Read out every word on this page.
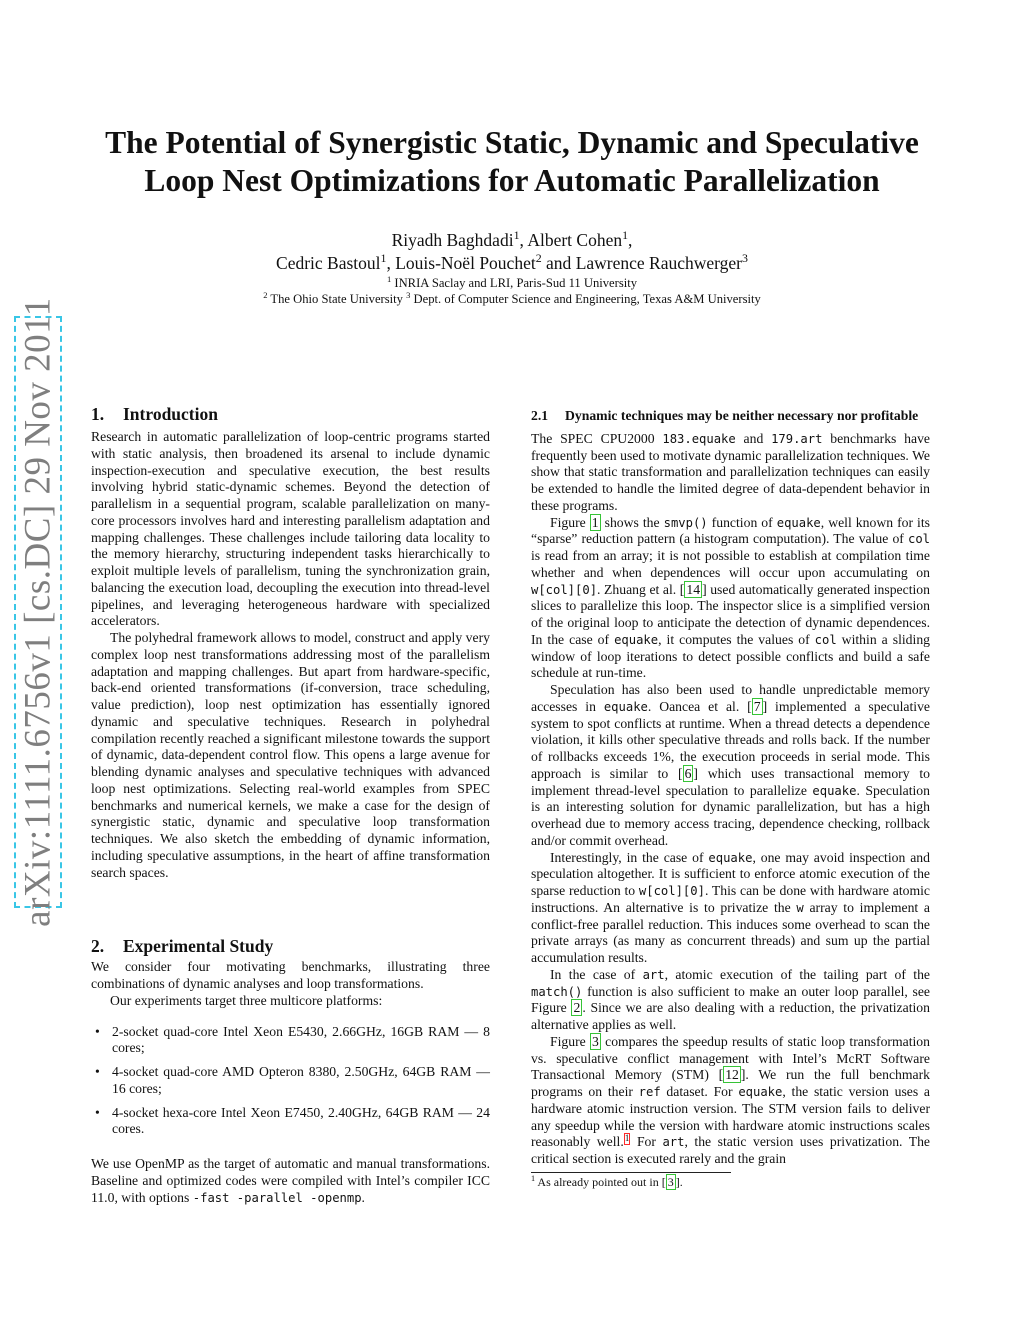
arXiv:1111.6756v1 [cs.DC] 29 Nov 2011
The Potential of Synergistic Static, Dynamic and Speculative
Loop Nest Optimizations for Automatic Parallelization
Riyadh Baghdadi$^1$, Albert Cohen$^1$,
Cedric Bastoul$^1$, Louis-Noël Pouchet$^2$ and Lawrence Rauchwerger$^3$
$^1$ INRIA Saclay and LRI, Paris-Sud 11 University
$^2$ The Ohio State University $^3$ Dept. of Computer Science and Engineering, Texas A&M University
1. Introduction

Research in automatic parallelization of loop-centric programs started with static analysis, then broadened its arsenal to include dynamic inspection-execution and speculative execution, the best results involving hybrid static-dynamic schemes. Beyond the detection of parallelism in a sequential program, scalable parallelization on many-core processors involves hard and interesting parallelism adaptation and mapping challenges. These challenges include tailoring data locality to the memory hierarchy, structuring independent tasks hierarchically to exploit multiple levels of parallelism, tuning the synchronization grain, balancing the execution load, decoupling the execution into thread-level pipelines, and leveraging heterogeneous hardware with specialized accelerators.

The polyhedral framework allows to model, construct and apply very complex loop nest transformations addressing most of the parallelism adaptation and mapping challenges. But apart from hardware-specific, back-end oriented transformations (if-conversion, trace scheduling, value prediction), loop nest optimization has essentially ignored dynamic and speculative techniques. Research in polyhedral compilation recently reached a significant milestone towards the support of dynamic, data-dependent control flow. This opens a large avenue for blending dynamic analyses and speculative techniques with advanced loop nest optimizations. Selecting real-world examples from SPEC benchmarks and numerical kernels, we make a case for the design of synergistic static, dynamic and speculative loop transformation techniques. We also sketch the embedding of dynamic information, including speculative assumptions, in the heart of affine transformation search spaces.

2. Experimental Study

We consider four motivating benchmarks, illustrating three combinations of dynamic analyses and loop transformations.

Our experiments target three multicore platforms:

• 2-socket quad-core Intel Xeon E5430, 2.66GHz, 16GB RAM — 8 cores;
• 4-socket quad-core AMD Opteron 8380, 2.50GHz, 64GB RAM — 16 cores;
• 4-socket hexa-core Intel Xeon E7450, 2.40GHz, 64GB RAM — 24 cores.

We use OpenMP as the target of automatic and manual transformations. Baseline and optimized codes were compiled with Intel’s compiler ICC 11.0, with options -fast -parallel -openmp.

2.1	Dynamic techniques may be neither necessary nor profitable

The SPEC CPU2000 183.equake and 179.art benchmarks have frequently been used to motivate dynamic parallelization techniques. We show that static transformation and parallelization techniques can easily be extended to handle the limited degree of data-dependent behavior in these programs.

Figure 1 shows the smvp() function of equake, well known for its “sparse” reduction pattern (a histogram computation). The value of col is read from an array; it is not possible to establish at compilation time whether and when dependences will occur upon accumulating on w[col][0]. Zhuang et al. [ 14 ] used automatically generated inspection slices to parallelize this loop. The inspector slice is a simplified version of the original loop to anticipate the detection of dynamic dependences. In the case of equake, it computes the values of col within a sliding window of loop iterations to detect possible conflicts and build a safe schedule at run-time.

Speculation has also been used to handle unpredictable memory accesses in equake. Oancea et al. [ 7 ] implemented a speculative system to spot conflicts at runtime. When a thread detects a dependence violation, it kills other speculative threads and rolls back. If the number of rollbacks exceeds 1%, the execution proceeds in serial mode. This approach is similar to [ 6 ] which uses transactional memory to implement thread-level speculation to parallelize equake. Speculation is an interesting solution for dynamic parallelization, but has a high overhead due to memory access tracing, dependence checking, rollback and/or commit overhead.

Interestingly, in the case of equake, one may avoid inspection and speculation altogether. It is sufficient to enforce atomic execution of the sparse reduction to w[col][0]. This can be done with hardware atomic instructions. An alternative is to privatize the w array to implement a conflict-free parallel reduction. This induces some overhead to scan the private arrays (as many as concurrent threads) and sum up the partial accumulation results.

In the case of art, atomic execution of the tailing part of the match() function is also sufficient to make an outer loop parallel, see Figure 2 . Since we are also dealing with a reduction, the privatization alternative applies as well.

Figure 3 compares the speedup results of static loop transformation vs. speculative conflict management with Intel’s McRT Software Transactional Memory (STM) [ 12 ]. We run the full benchmark programs on their ref dataset. For equake, the static version uses a hardware atomic instruction version. The STM version fails to deliver any speedup while the version with hardware atomic instructions scales reasonably well.$^1$ For art, the static version uses privatization. The critical section is executed rarely and the grain

$^1$ As already pointed out in [ 3 ].
